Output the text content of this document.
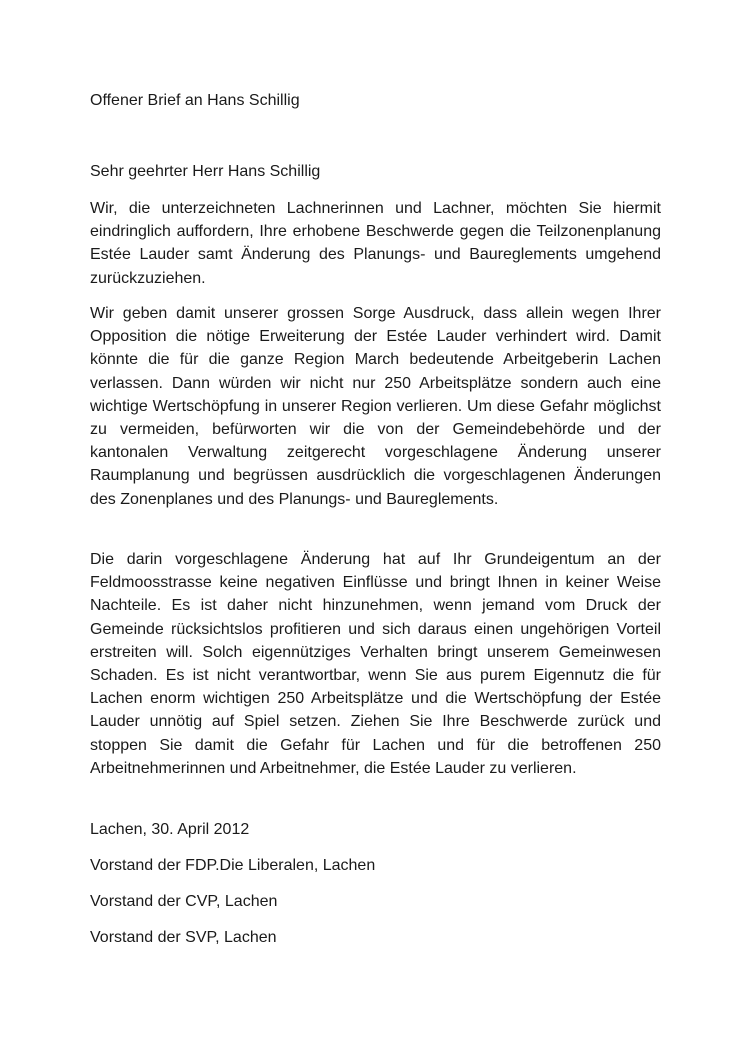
Offener Brief an Hans Schillig

Sehr geehrter Herr Hans Schillig

Wir, die unterzeichneten Lachnerinnen und Lachner, möchten Sie hiermit eindringlich auffordern, Ihre erhobene Beschwerde gegen die Teilzonenplanung Estée Lauder samt Änderung des Planungs- und Baureglements umgehend zurückzuziehen.

Wir geben damit unserer grossen Sorge Ausdruck, dass allein wegen Ihrer Opposition die nötige Erweiterung der Estée Lauder verhindert wird. Damit könnte die für die ganze Region March bedeutende Arbeitgeberin Lachen verlassen. Dann würden wir nicht nur 250 Arbeitsplätze sondern auch eine wichtige Wertschöpfung in unserer Region verlieren. Um diese Gefahr möglichst zu vermeiden, befürworten wir die von der Gemeindebehörde und der kantonalen Verwaltung zeitgerecht vorgeschlagene Änderung unserer Raumplanung und begrüssen ausdrücklich die vorgeschlagenen Änderungen des Zonenplanes und des Planungs- und Baureglements.

Die darin vorgeschlagene Änderung hat auf Ihr Grundeigentum an der Feldmoosstrasse keine negativen Einflüsse und bringt Ihnen in keiner Weise Nachteile. Es ist daher nicht hinzunehmen, wenn jemand vom Druck der Gemeinde rücksichtslos profitieren und sich daraus einen ungehörigen Vorteil erstreiten will. Solch eigennütziges Verhalten bringt unserem Gemeinwesen Schaden. Es ist nicht verantwortbar, wenn Sie aus purem Eigennutz die für Lachen enorm wichtigen 250 Arbeitsplätze und die Wertschöpfung der Estée Lauder unnötig auf Spiel setzen. Ziehen Sie Ihre Beschwerde zurück und stoppen Sie damit die Gefahr für Lachen und für die betroffenen 250 Arbeitnehmerinnen und Arbeitnehmer, die Estée Lauder zu verlieren.

Lachen, 30. April 2012

Vorstand der FDP.Die Liberalen, Lachen

Vorstand der CVP, Lachen

Vorstand der SVP, Lachen
